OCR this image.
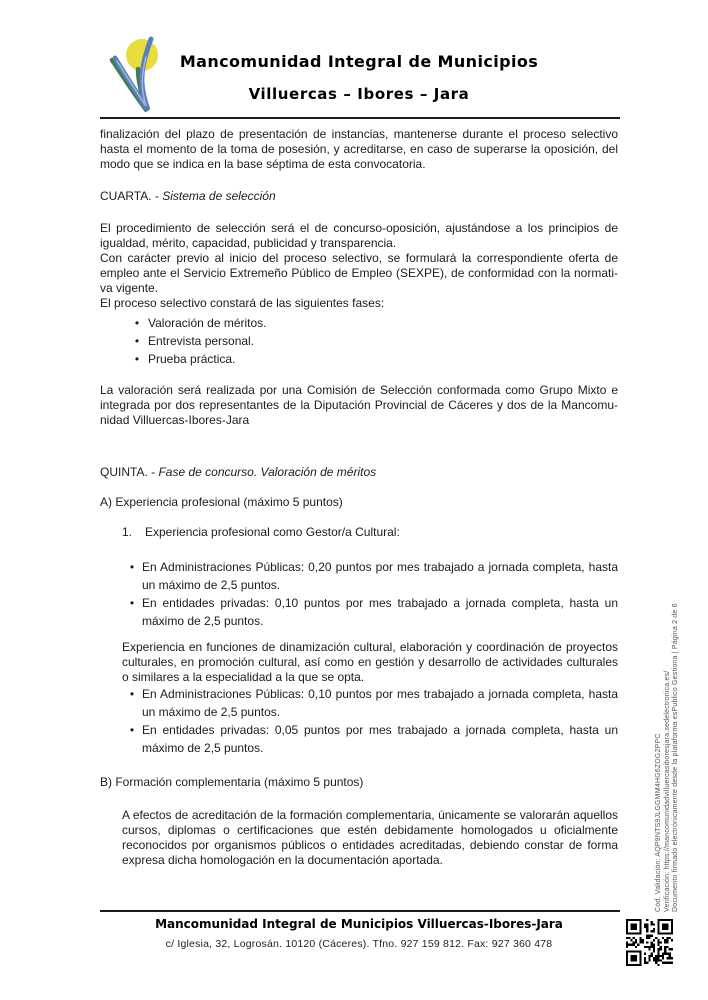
Mancomunidad Integral de Municipios
Villuercas – Ibores – Jara

finalización del plazo de presentación de instancias, mantenerse durante el proceso selectivo hasta el momento de la toma de posesión, y acreditarse, en caso de superarse la oposición, del modo que se indica en la base séptima de esta convocatoria.

CUARTA. - Sistema de selección

El procedimiento de selección será el de concurso-oposición, ajustándose a los principios de igualdad, mérito, capacidad, publicidad y transparencia.

Con carácter previo al inicio del proceso selectivo, se formulará la correspondiente oferta de empleo ante el Servicio Extremeño Público de Empleo (SEXPE), de conformidad con la normativa vigente.

El proceso selectivo constará de las siguientes fases:

• Valoración de méritos.
• Entrevista personal.
• Prueba práctica.

La valoración será realizada por una Comisión de Selección conformada como Grupo Mixto e integrada por dos representantes de la Diputación Provincial de Cáceres y dos de la Mancomunidad Villuercas-Ibores-Jara

QUINTA. - Fase de concurso. Valoración de méritos

A) Experiencia profesional (máximo 5 puntos)

1.	Experiencia profesional como Gestor/a Cultural:
• En Administraciones Públicas: 0,20 puntos por mes trabajado a jornada completa, hasta un máximo de 2,5 puntos.
• En entidades privadas: 0,10 puntos por mes trabajado a jornada completa, hasta un máximo de 2,5 puntos.

Experiencia en funciones de dinamización cultural, elaboración y coordinación de proyectos culturales, en promoción cultural, así como en gestión y desarrollo de actividades culturales o similares a la especialidad a la que se opta.

• En Administraciones Públicas: 0,10 puntos por mes trabajado a jornada completa, hasta un máximo de 2,5 puntos.
• En entidades privadas: 0,05 puntos por mes trabajado a jornada completa, hasta un máximo de 2,5 puntos.

B) Formación complementaria (máximo 5 puntos)

A efectos de acreditación de la formación complementaria, únicamente se valorarán aquellos cursos, diplomas o certificaciones que estén debidamente homologados u oficialmente reconocidos por organismos públicos o entidades acreditadas, debiendo constar de forma expresa dicha homologación en la documentación aportada.

Mancomunidad Integral de Municipios Villuercas-Ibores-Jara
c/ Iglesia, 32, Logrosán. 10120 (Cáceres). Tfno. 927 159 812. Fax: 927 360 478
Cód. Validación: AQP9NTS9JLGGMM4HG6ZOG2PPC Verificación: https://mancomunidadvilluercasiboresjara.sedelectronica.es/ Documento firmado electrónicamente desde la plataforma esPublico Gestiona | Página 2 de 6
